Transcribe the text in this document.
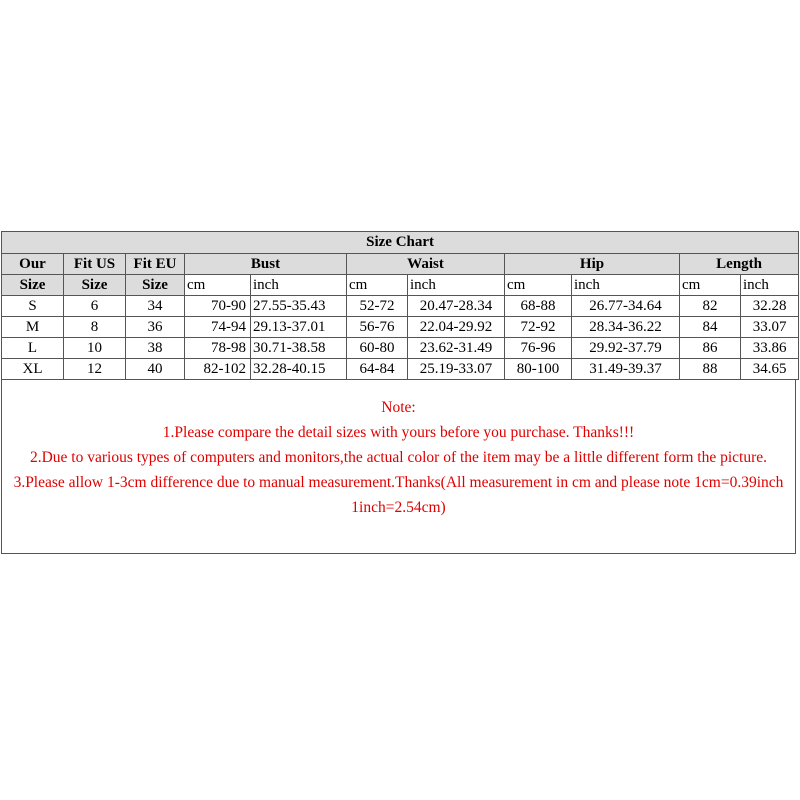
Size Chart										
Our	Fit US	Fit EU	Bust		Waist		Hip		Length	
Size	Size	Size	cm	inch	cm	inch	cm	inch	cm	inch
S	6	34	70-90	27.55-35.43	52-72	20.47-28.34	68-88	26.77-34.64	82	32.28
M	8	36	74-94	29.13-37.01	56-76	22.04-29.92	72-92	28.34-36.22	84	33.07
L	10	38	78-98	30.71-38.58	60-80	23.62-31.49	76-96	29.92-37.79	86	33.86
XL	12	40	82-102	32.28-40.15	64-84	25.19-33.07	80-100	31.49-39.37	88	34.65
Note:
1.Please compare the detail sizes with yours before you purchase. Thanks!!!
2.Due to various types of computers and monitors,the actual color of the item may be a little different form the picture.
3.Please allow 1-3cm difference due to manual measurement.Thanks(All measurement in cm and please note 1cm=0.39inch 1inch=2.54cm)
